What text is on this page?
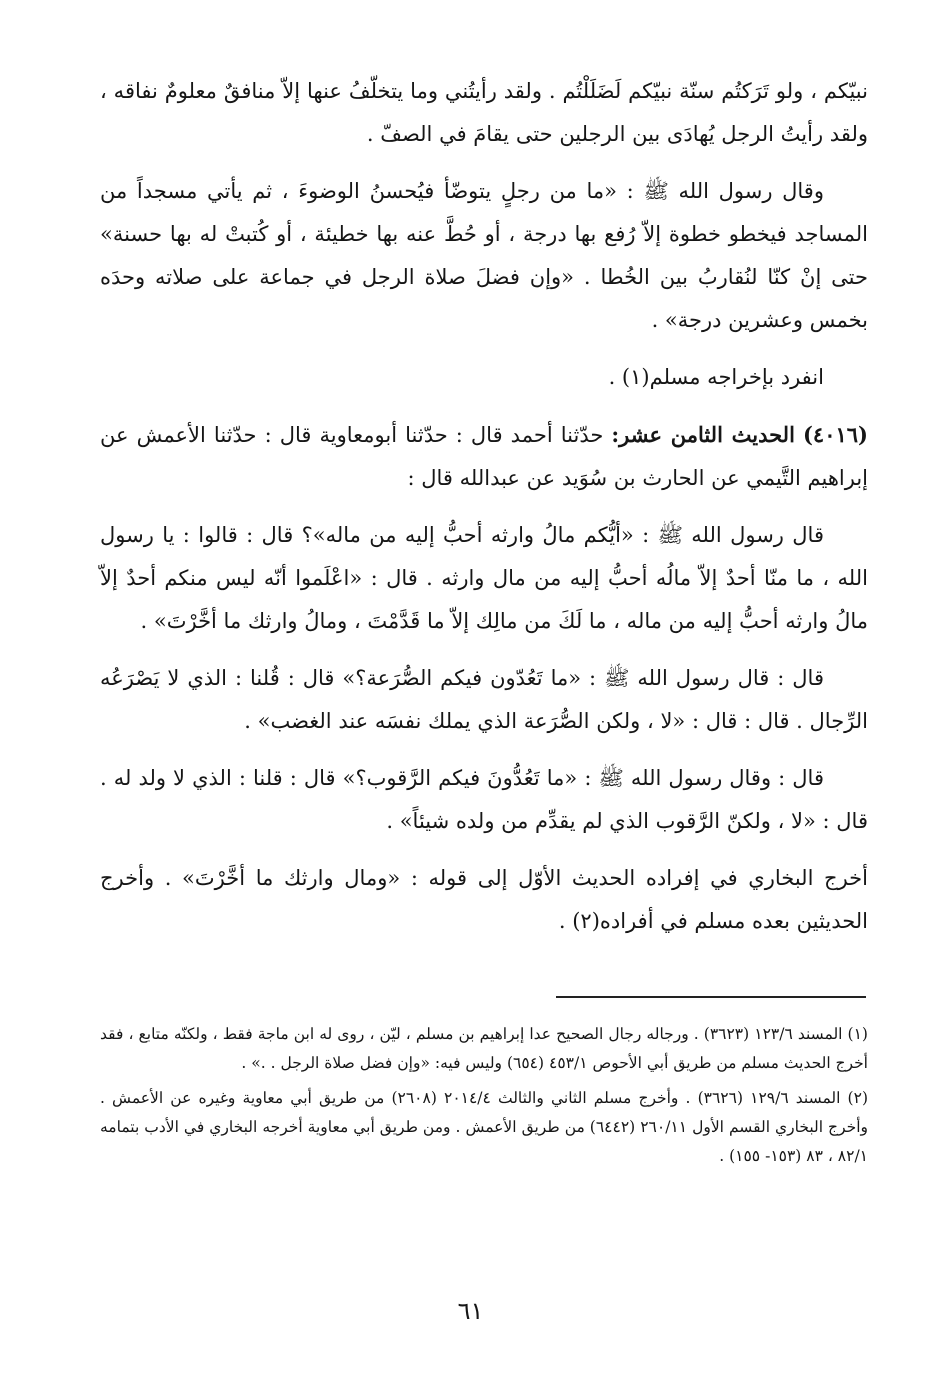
نبيّكم ، ولو تَرَكتُم سنّة نبيّكم لَضَلَلْتُم . ولقد رأيتُني وما يتخلّفُ عنها إلاّ منافقٌ معلومٌ نفاقه ، ولقد رأيتُ الرجل يُهادَى بين الرجلين حتى يقامَ في الصفّ .

وقال رسول الله ﷺ : «ما من رجلٍ يتوضّأ فيُحسنُ الوضوءَ ، ثم يأتي مسجداً من المساجد فيخطو خطوة إلاّ رُفع بها درجة ، أو حُطَّ عنه بها خطيئة ، أو كُتبتْ له بها حسنة» حتى إنْ كنّا لنُقاربُ بين الخُطا . «وإن فضلَ صلاة الرجل في جماعة على صلاته وحدَه بخمس وعشرين درجة» .

انفرد بإخراجه مسلم(١) .

(٤٠١٦) الحديث الثامن عشر: حدّثنا أحمد قال : حدّثنا أبومعاوية قال : حدّثنا الأعمش عن إبراهيم التَّيمي عن الحارث بن سُوَيد عن عبدالله قال :

قال رسول الله ﷺ : «أيُّكم مالُ وارثه أحبُّ إليه من ماله»؟ قال : قالوا : يا رسول الله ، ما منّا أحدٌ إلاّ مالُه أحبُّ إليه من مال وارثه . قال : «اعْلَموا أنّه ليس منكم أحدٌ إلاّ مالُ وارثه أحبُّ إليه من ماله ، ما لَكَ من مالِك إلاّ ما قَدَّمْتَ ، ومالُ وارثك ما أخَّرْتَ» .

قال : قال رسول الله ﷺ : «ما تَعُدّون فيكم الصُّرَعة؟» قال : قُلنا : الذي لا يَصْرَعُه الرِّجال . قال : قال : «لا ، ولكن الصُّرَعة الذي يملك نفسَه عند الغضب» .

قال : وقال رسول الله ﷺ : «ما تَعُدُّونَ فيكم الرَّقوب؟» قال : قلنا : الذي لا ولد له . قال : «لا ، ولكنّ الرَّقوب الذي لم يقدِّم من ولده شيئاً» .

أخرج البخاري في إفراده الحديث الأوّل إلى قوله : «ومال وارثك ما أخَّرْتَ» . وأخرج الحديثين بعده مسلم في أفراده(٢) .

(١) المسند ١٢٣/٦ (٣٦٢٣) . ورجاله رجال الصحيح عدا إبراهيم بن مسلم ، ليّن ، روى له ابن ماجة فقط ، ولكنّه متابع ، فقد أخرج الحديث مسلم من طريق أبي الأحوص ٤٥٣/١ (٦٥٤) وليس فيه: «وإن فضل صلاة الرجل . .» .

(٢) المسند ١٢٩/٦ (٣٦٢٦) . وأخرج مسلم الثاني والثالث ٢٠١٤/٤ (٢٦٠٨) من طريق أبي معاوية وغيره عن الأعمش . وأخرج البخاري القسم الأول ٢٦٠/١١ (٦٤٤٢) من طريق الأعمش . ومن طريق أبي معاوية أخرجه البخاري في الأدب بتمامه ٨٢/١ ، ٨٣ (١٥٣- ١٥٥) .

٦١
